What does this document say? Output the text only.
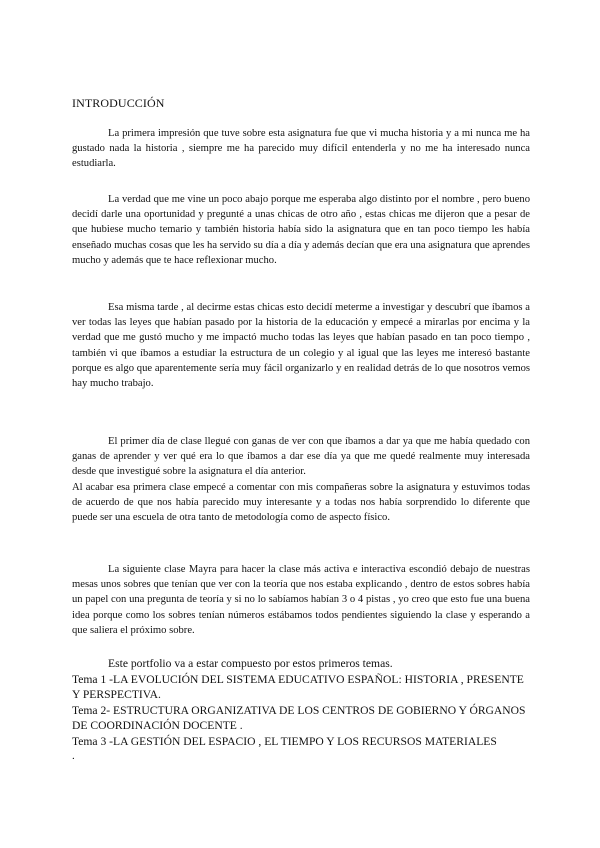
INTRODUCCIÓN

La primera impresión que tuve sobre esta asignatura fue que vi mucha historia y a mi nunca me ha gustado nada la historia , siempre me ha parecido muy difícil entenderla y no me ha interesado nunca estudiarla.

La verdad que me vine un poco abajo porque me esperaba algo distinto por el nombre , pero bueno decidí darle una oportunidad y pregunté a unas chicas de otro año , estas chicas me dijeron que a pesar de que hubiese mucho temario y también historia había sido la asignatura que en tan poco tiempo les había enseñado muchas cosas que les ha servido su día a día y además decían que era una asignatura que aprendes mucho y además que te hace reflexionar mucho.

Esa misma tarde , al decirme estas chicas esto decidí meterme a investigar y descubrí que íbamos a ver todas las leyes que habían pasado por la historia de la educación y empecé a mirarlas por encima y la verdad que me gustó mucho y me impactó mucho todas las leyes que habían pasado en tan poco tiempo , también vi que íbamos a estudiar la estructura de un colegio y al igual que las leyes me interesó bastante porque es algo que aparentemente sería muy fácil organizarlo y en realidad detrás de lo que nosotros vemos hay mucho trabajo.

El primer día de clase llegué con ganas de ver con que íbamos a dar ya que me había quedado con ganas de aprender y ver qué era lo que íbamos a dar ese día ya que me quedé realmente muy interesada desde que investigué sobre la asignatura el día anterior.

Al acabar esa primera clase empecé a comentar con mis compañeras sobre la asignatura y estuvimos todas de acuerdo de que nos había parecido muy interesante y a todas nos había sorprendido lo diferente que puede ser una escuela de otra tanto de metodología como de aspecto físico.

La siguiente clase Mayra para hacer la clase más activa e interactiva escondió debajo de nuestras mesas unos sobres que tenían que ver con la teoría que nos estaba explicando , dentro de estos sobres había un papel con una pregunta de teoría y si no lo sabíamos habían 3 o 4 pistas , yo creo que esto fue una buena idea porque como los sobres tenían números estábamos todos pendientes siguiendo la clase y esperando a que saliera el próximo sobre.

Este portfolio va a estar compuesto por estos primeros temas.
Tema 1 -LA EVOLUCIÓN DEL SISTEMA EDUCATIVO ESPAÑOL: HISTORIA , PRESENTE Y PERSPECTIVA.
Tema 2- ESTRUCTURA ORGANIZATIVA DE LOS CENTROS DE GOBIERNO Y ÓRGANOS DE COORDINACIÓN DOCENTE .
Tema 3 -LA GESTIÓN DEL ESPACIO , EL TIEMPO Y LOS RECURSOS MATERIALES
.
